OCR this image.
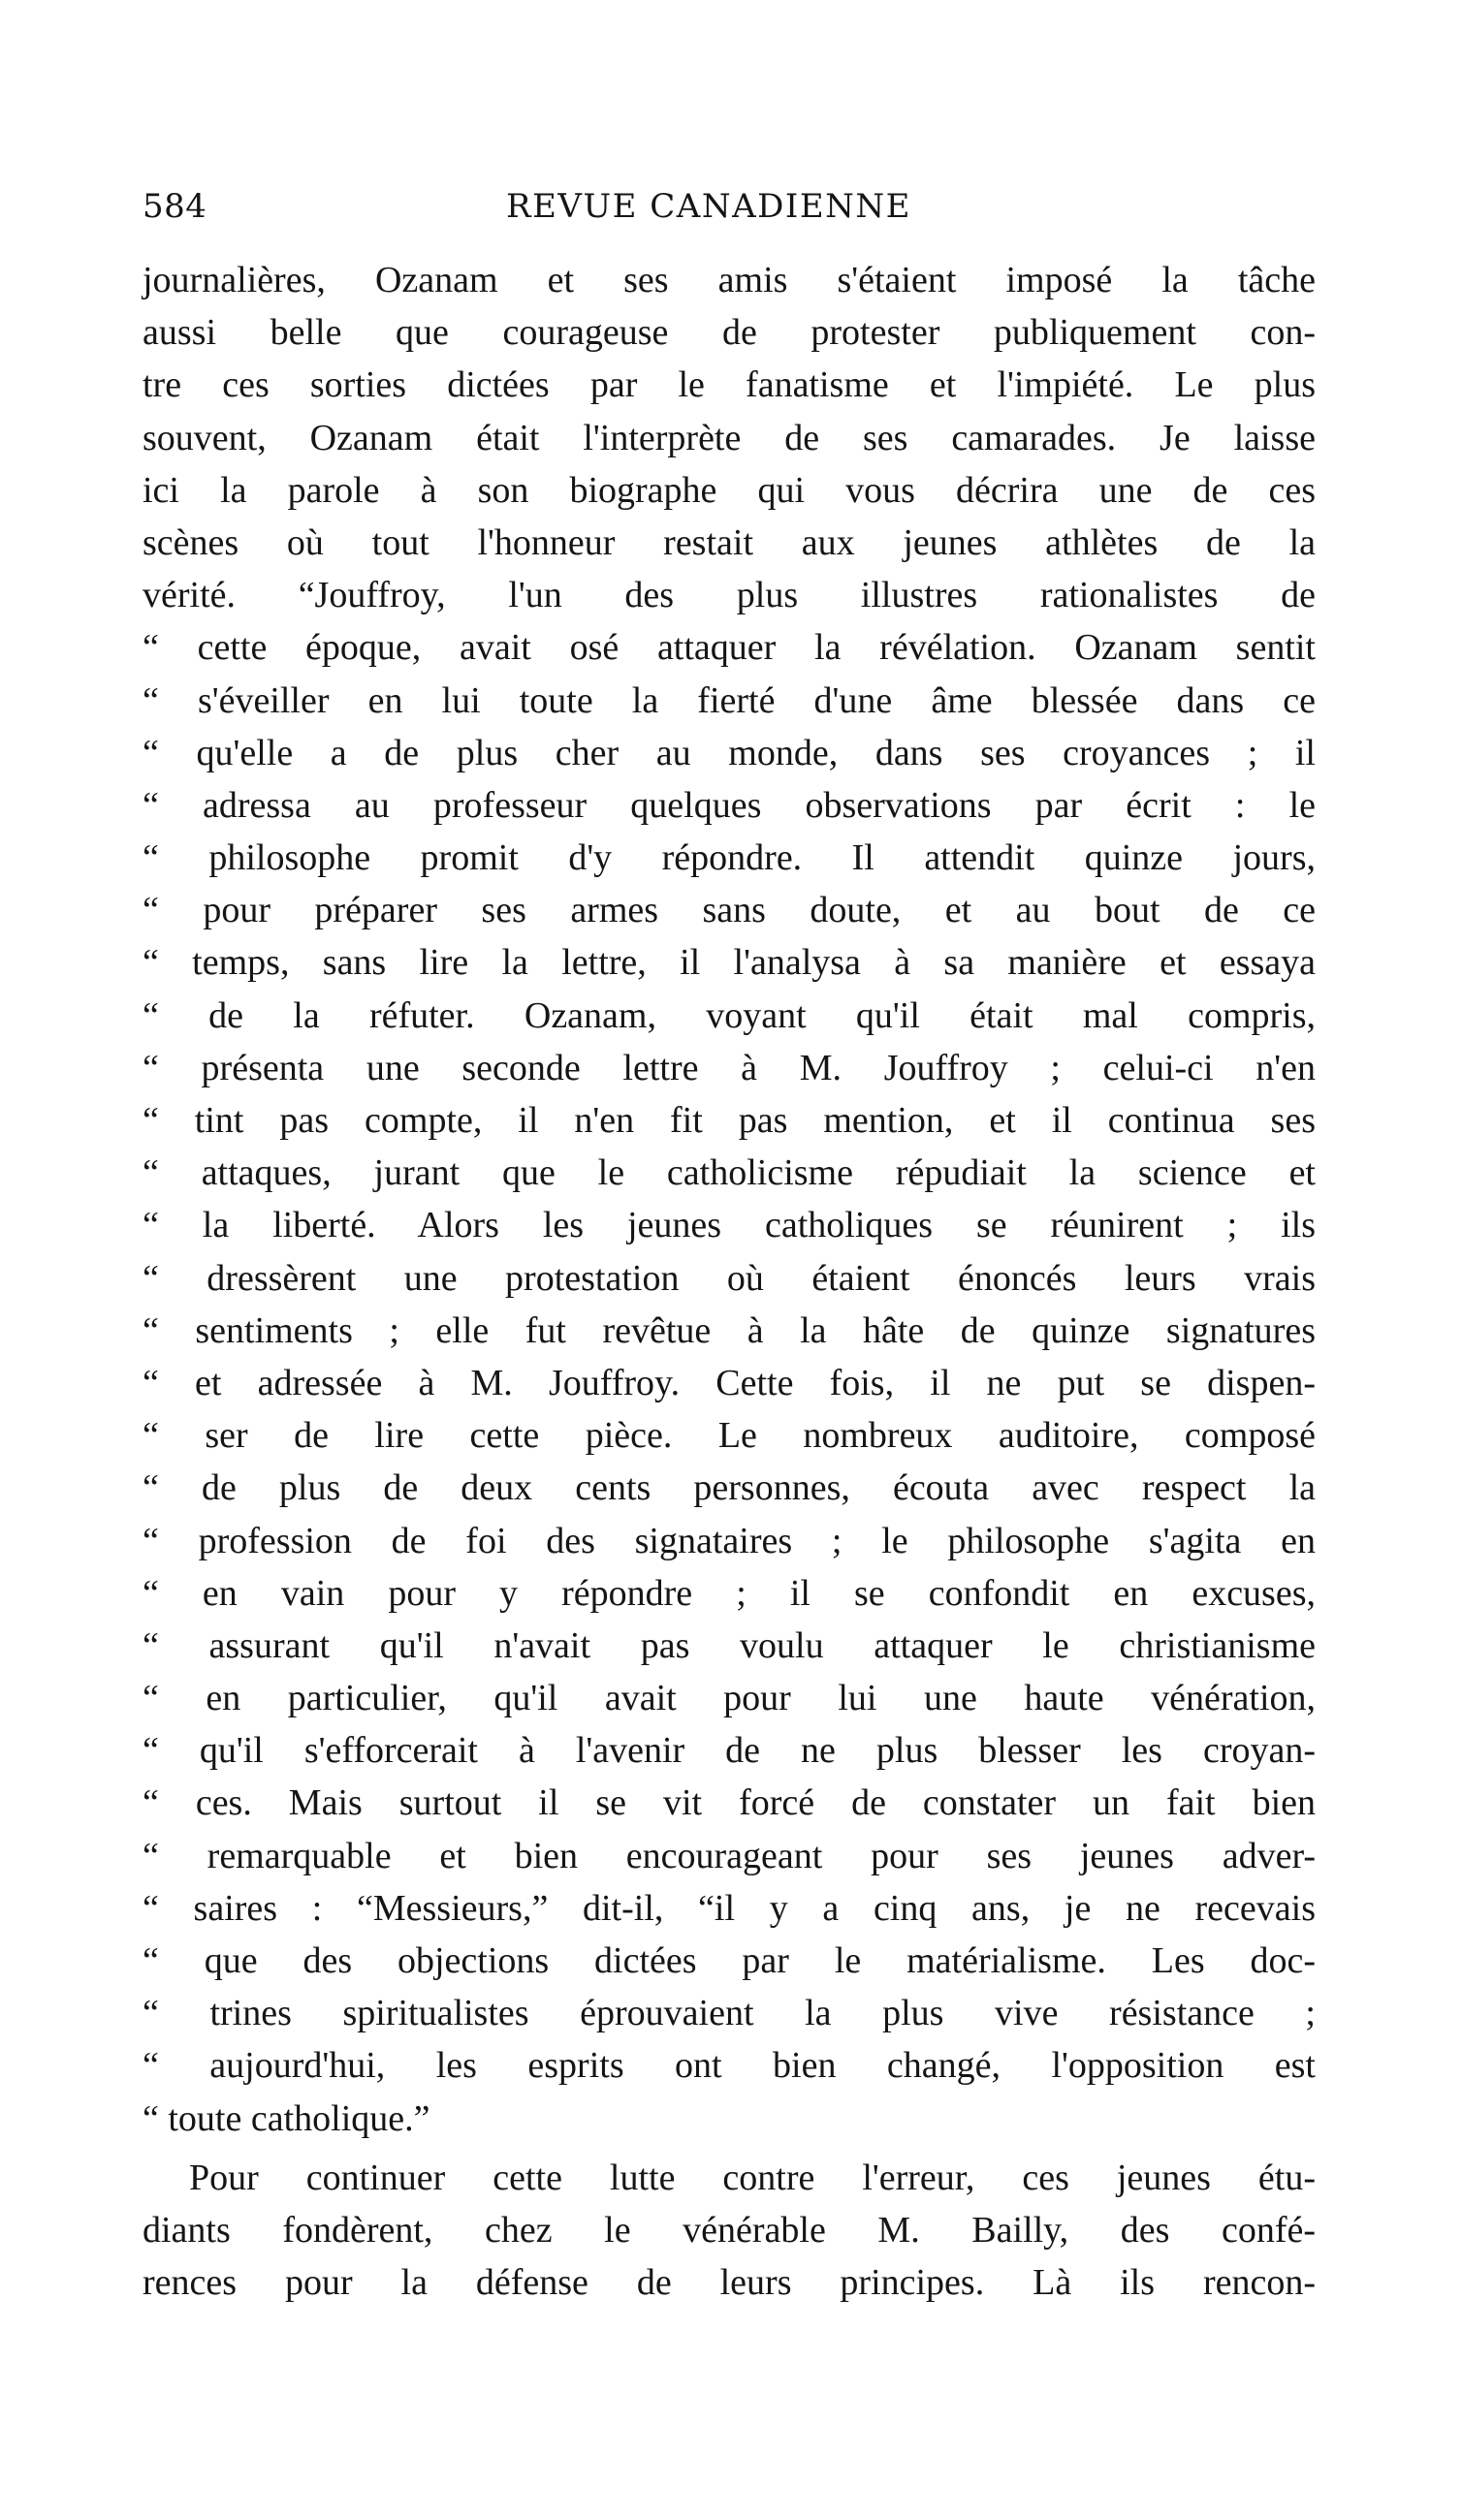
584	REVUE CANADIENNE

journalières, Ozanam et ses amis s'étaient imposé la tâche
aussi belle que courageuse de protester publiquement con-
tre ces sorties dictées par le fanatisme et l'impiété. Le plus
souvent, Ozanam était l'interprète de ses camarades. Je laisse
ici la parole à son biographe qui vous décrira une de ces
scènes où tout l'honneur restait aux jeunes athlètes de la
vérité. “Jouffroy, l'un des plus illustres rationalistes de
“ cette époque, avait osé attaquer la révélation. Ozanam sentit
“ s'éveiller en lui toute la fierté d'une âme blessée dans ce
“ qu'elle a de plus cher au monde, dans ses croyances ; il
“ adressa au professeur quelques observations par écrit : le
“ philosophe promit d'y répondre. Il attendit quinze jours,
“ pour préparer ses armes sans doute, et au bout de ce
“ temps, sans lire la lettre, il l'analysa à sa manière et essaya
“ de la réfuter. Ozanam, voyant qu'il était mal compris,
“ présenta une seconde lettre à M. Jouffroy ; celui-ci n'en
“ tint pas compte, il n'en fit pas mention, et il continua ses
“ attaques, jurant que le catholicisme répudiait la science et
“ la liberté. Alors les jeunes catholiques se réunirent ; ils
“ dressèrent une protestation où étaient énoncés leurs vrais
“ sentiments ; elle fut revêtue à la hâte de quinze signatures
“ et adressée à M. Jouffroy. Cette fois, il ne put se dispen-
“ ser de lire cette pièce. Le nombreux auditoire, composé
“ de plus de deux cents personnes, écouta avec respect la
“ profession de foi des signataires ; le philosophe s'agita en
“ en vain pour y répondre ; il se confondit en excuses,
“ assurant qu'il n'avait pas voulu attaquer le christianisme
“ en particulier, qu'il avait pour lui une haute vénération,
“ qu'il s'efforcerait à l'avenir de ne plus blesser les croyan-
“ ces. Mais surtout il se vit forcé de constater un fait bien
“ remarquable et bien encourageant pour ses jeunes adver-
“ saires : “Messieurs,” dit-il, “il y a cinq ans, je ne recevais
“ que des objections dictées par le matérialisme. Les doc-
“ trines spiritualistes éprouvaient la plus vive résistance ;
“ aujourd'hui, les esprits ont bien changé, l'opposition est
“ toute catholique.”

Pour continuer cette lutte contre l'erreur, ces jeunes étu-
diants fondèrent, chez le vénérable M. Bailly, des confé-
rences pour la défense de leurs principes. Là ils rencon-
